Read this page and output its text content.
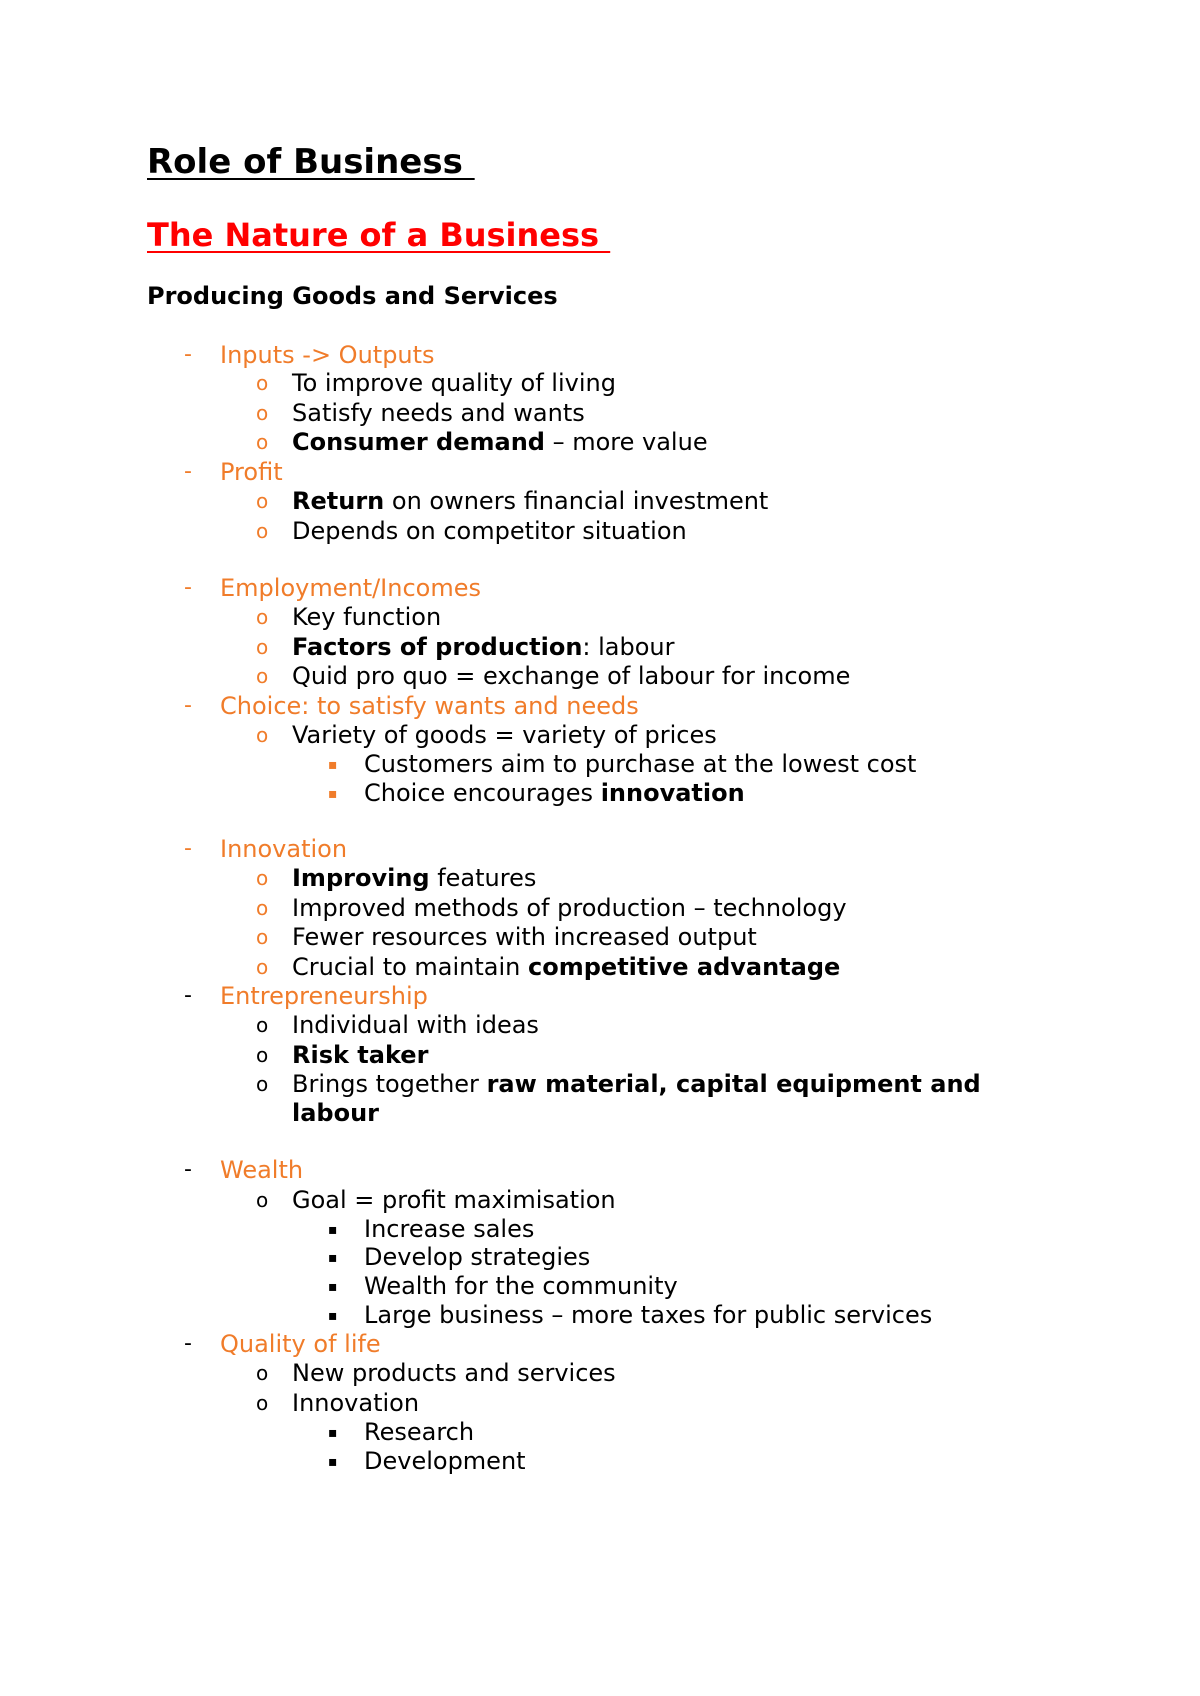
Role of Business
The Nature of a Business
Producing Goods and Services
-	Inputs -> Outputs
o To improve quality of living
o Satisfy needs and wants
o Consumer demand – more value
-	Profit
o Return on owners financial investment
o Depends on competitor situation
-	Employment/Incomes
o Key function
o Factors of production: labour
o Quid pro quo = exchange of labour for income
-	Choice: to satisfy wants and needs
o Variety of goods = variety of prices
▪	Customers aim to purchase at the lowest cost
▪	Choice encourages innovation
-	Innovation
o Improving features
o Improved methods of production – technology
o Fewer resources with increased output
o Crucial to maintain competitive advantage
-	Entrepreneurship
o Individual with ideas
o Risk taker
o Brings together raw material, capital equipment and
labour
-	Wealth
o Goal = profit maximisation
▪	Increase sales
▪	Develop strategies
▪	Wealth for the community
▪	Large business – more taxes for public services
-	Quality of life
o New products and services
o Innovation
▪	Research
▪	Development
